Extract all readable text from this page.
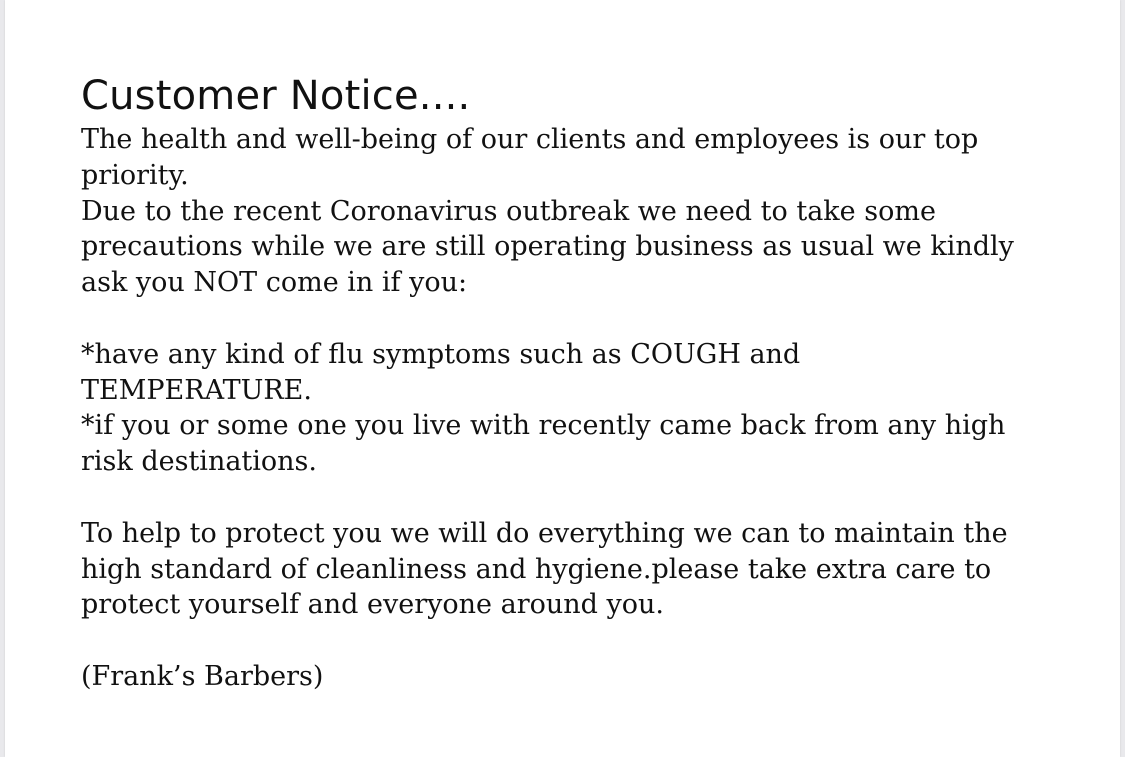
Customer Notice....

The health and well-being of our clients and employees is our top priority.

Due to the recent Coronavirus outbreak we need to take some precautions while we are still operating business as usual we kindly ask you NOT come in if you:

*have any kind of flu symptoms such as COUGH and TEMPERATURE.

*if you or some one you live with recently came back from any high risk destinations.

To help to protect you we will do everything we can to maintain the high standard of cleanliness and hygiene.please take extra care to protect yourself and everyone around you.

(Frank’s Barbers)
